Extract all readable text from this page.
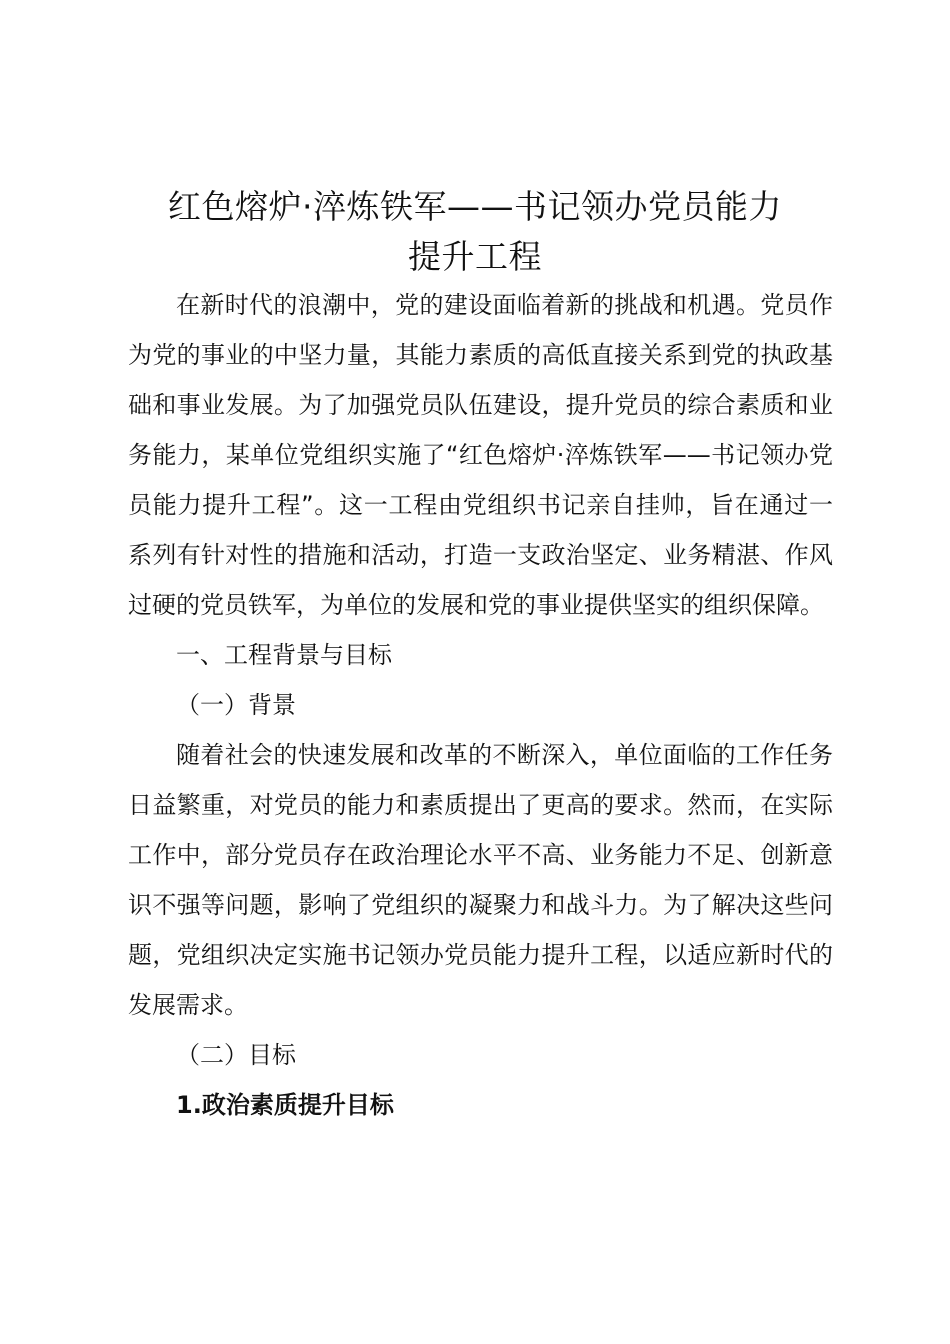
红色熔炉·淬炼铁军——书记领办党员能力
提升工程

在新时代的浪潮中，党的建设面临着新的挑战和机遇。党员作为党的事业的中坚力量，其能力素质的高低直接关系到党的执政基础和事业发展。为了加强党员队伍建设，提升党员的综合素质和业务能力，某单位党组织实施了“红色熔炉·淬炼铁军——书记领办党员能力提升工程”。这一工程由党组织书记亲自挂帅，旨在通过一系列有针对性的措施和活动，打造一支政治坚定、业务精湛、作风过硬的党员铁军，为单位的发展和党的事业提供坚实的组织保障。

一、工程背景与目标

（一）背景

随着社会的快速发展和改革的不断深入，单位面临的工作任务日益繁重，对党员的能力和素质提出了更高的要求。然而，在实际工作中，部分党员存在政治理论水平不高、业务能力不足、创新意识不强等问题，影响了党组织的凝聚力和战斗力。为了解决这些问题，党组织决定实施书记领办党员能力提升工程，以适应新时代的发展需求。

（二）目标

1.政治素质提升目标
